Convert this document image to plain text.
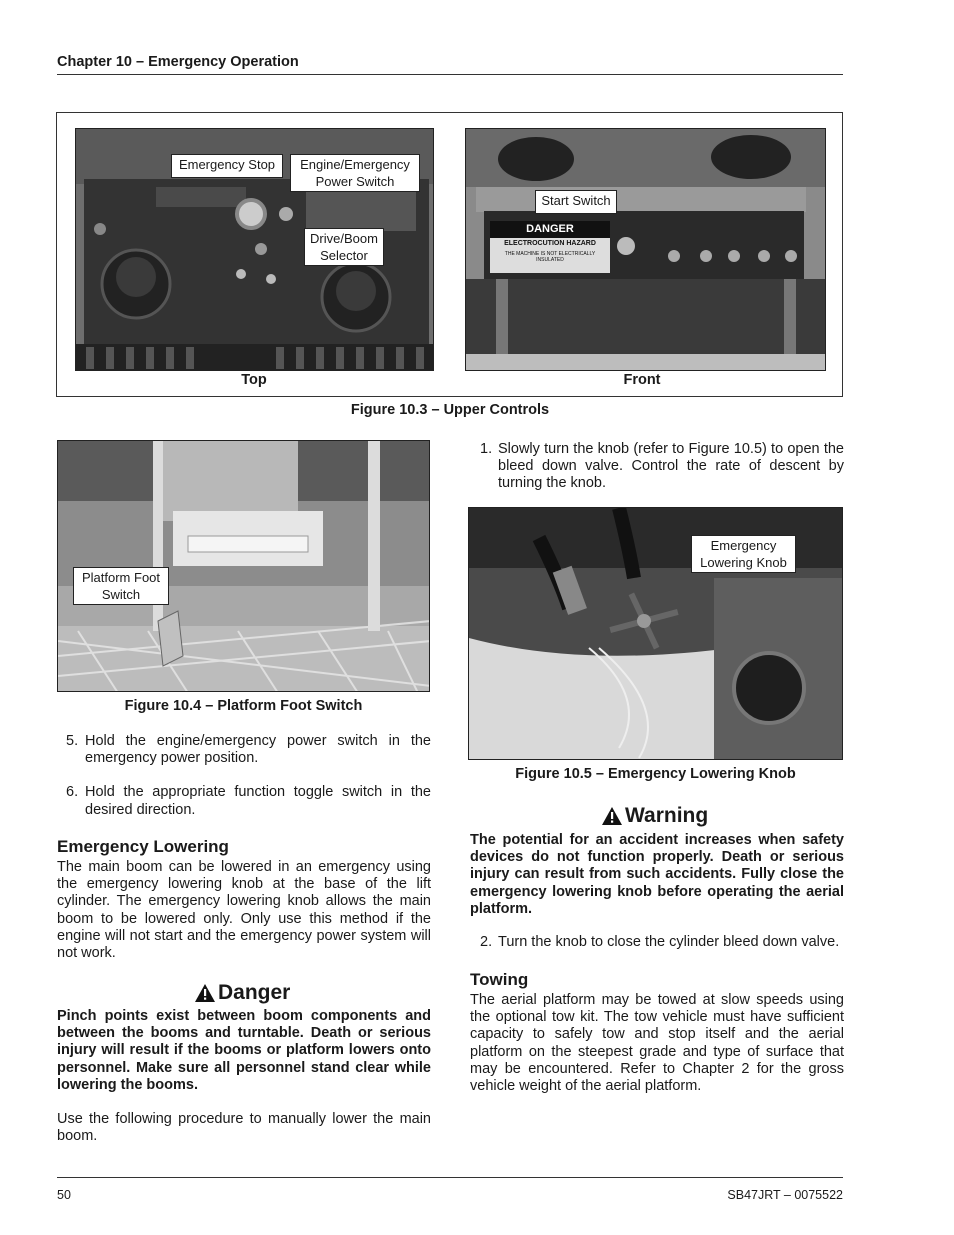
Chapter 10 – Emergency Operation
Emergency Stop	Engine/Emergency Power Switch
Drive/Boom Selector
DANGER
ELECTROCUTION HAZARD
THE MACHINE IS NOT ELECTRICALLY INSULATED
Start Switch
Top	Front
Figure 10.3 – Upper Controls
Platform Foot Switch
Figure 10.4 – Platform Foot Switch
5. Hold the engine/emergency power switch in the emergency power position.
6. Hold the appropriate function toggle switch in the desired direction.
Emergency Lowering
The main boom can be lowered in an emergency using the emergency lowering knob at the base of the lift cylinder. The emergency lowering knob allows the main boom to be lowered only. Only use this method if the engine will not start and the emergency power system will not work.
Danger
Pinch points exist between boom components and between the booms and turntable. Death or serious injury will result if the booms or platform lowers onto personnel. Make sure all personnel stand clear while lowering the booms.
Use the following procedure to manually lower the main boom.
1. Slowly turn the knob (refer to Figure 10.5) to open the bleed down valve. Control the rate of descent by turning the knob.
Emergency Lowering Knob
Figure 10.5 – Emergency Lowering Knob
Warning
The potential for an accident increases when safety devices do not function properly. Death or serious injury can result from such accidents. Fully close the emergency lowering knob before operating the aerial platform.
2. Turn the knob to close the cylinder bleed down valve.
Towing
The aerial platform may be towed at slow speeds using the optional tow kit. The tow vehicle must have sufficient capacity to safely tow and stop itself and the aerial platform on the steepest grade and type of surface that may be encountered. Refer to Chapter 2 for the gross vehicle weight of the aerial platform.
50	SB47JRT – 0075522
